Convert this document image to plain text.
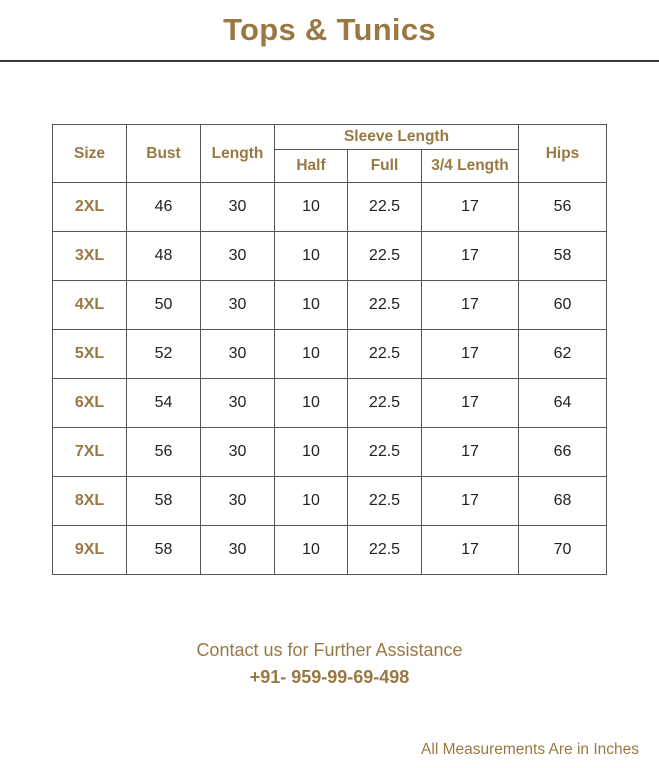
Tops & Tunics
Size	Bust	Length	Sleeve Length			Hips
			Half	Full	3/4 Length	
2XL	46	30	10	22.5	17	56
3XL	48	30	10	22.5	17	58
4XL	50	30	10	22.5	17	60
5XL	52	30	10	22.5	17	62
6XL	54	30	10	22.5	17	64
7XL	56	30	10	22.5	17	66
8XL	58	30	10	22.5	17	68
9XL	58	30	10	22.5	17	70
Contact us for Further Assistance
+91- 959-99-69-498
All Measurements Are in Inches
